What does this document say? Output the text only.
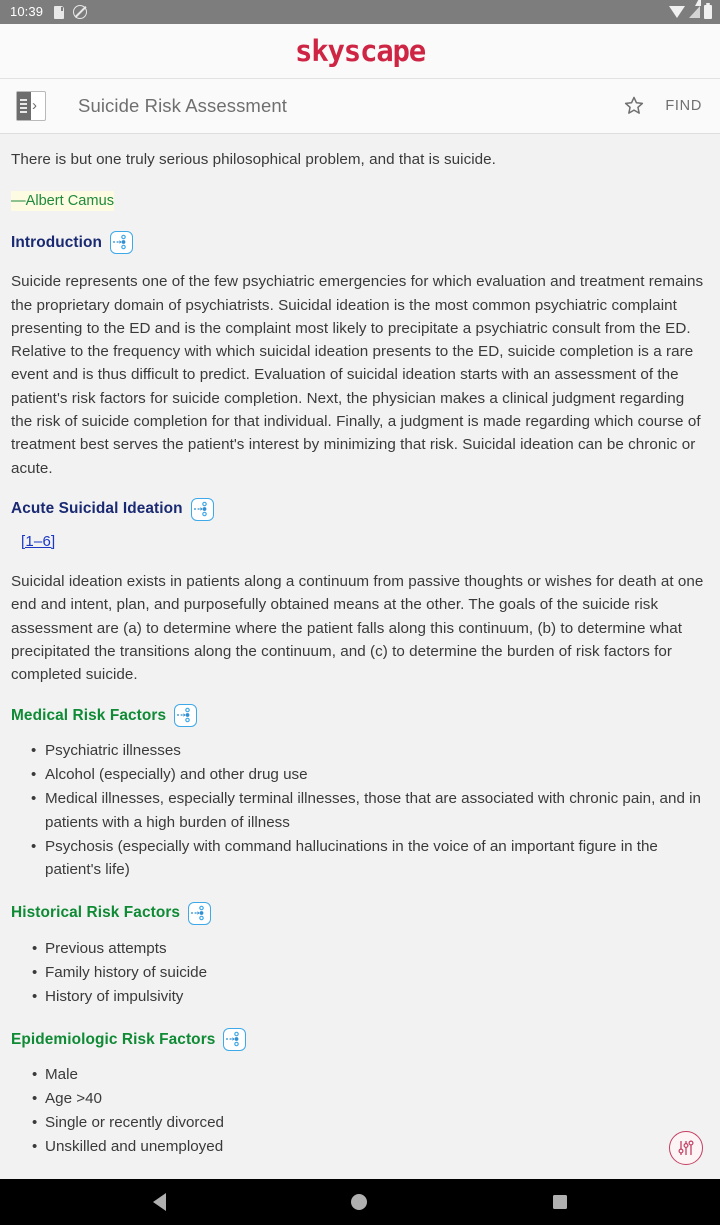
10:39
skyscape
›
Suicide Risk Assessment	FIND
There is but one truly serious philosophical problem, and that is suicide.
—Albert Camus
Introduction
Suicide represents one of the few psychiatric emergencies for which evaluation and treatment remains the proprietary domain of psychiatrists. Suicidal ideation is the most common psychiatric complaint presenting to the ED and is the complaint most likely to precipitate a psychiatric consult from the ED. Relative to the frequency with which suicidal ideation presents to the ED, suicide completion is a rare event and is thus difficult to predict. Evaluation of suicidal ideation starts with an assessment of the patient's risk factors for suicide completion. Next, the physician makes a clinical judgment regarding the risk of suicide completion for that individual. Finally, a judgment is made regarding which course of treatment best serves the patient's interest by minimizing that risk. Suicidal ideation can be chronic or acute.
Acute Suicidal Ideation
[1–6]
Suicidal ideation exists in patients along a continuum from passive thoughts or wishes for death at one end and intent, plan, and purposefully obtained means at the other. The goals of the suicide risk assessment are (a) to determine where the patient falls along this continuum, (b) to determine what precipitated the transitions along the continuum, and (c) to determine the burden of risk factors for completed suicide.
Medical Risk Factors
• Psychiatric illnesses
• Alcohol (especially) and other drug use
• Medical illnesses, especially terminal illnesses, those that are associated with chronic pain, and in patients with a high burden of illness
• Psychosis (especially with command hallucinations in the voice of an important figure in the patient's life)
Historical Risk Factors
• Previous attempts
• Family history of suicide
• History of impulsivity
Epidemiologic Risk Factors
• Male
• Age >40
• Single or recently divorced
• Unskilled and unemployed
